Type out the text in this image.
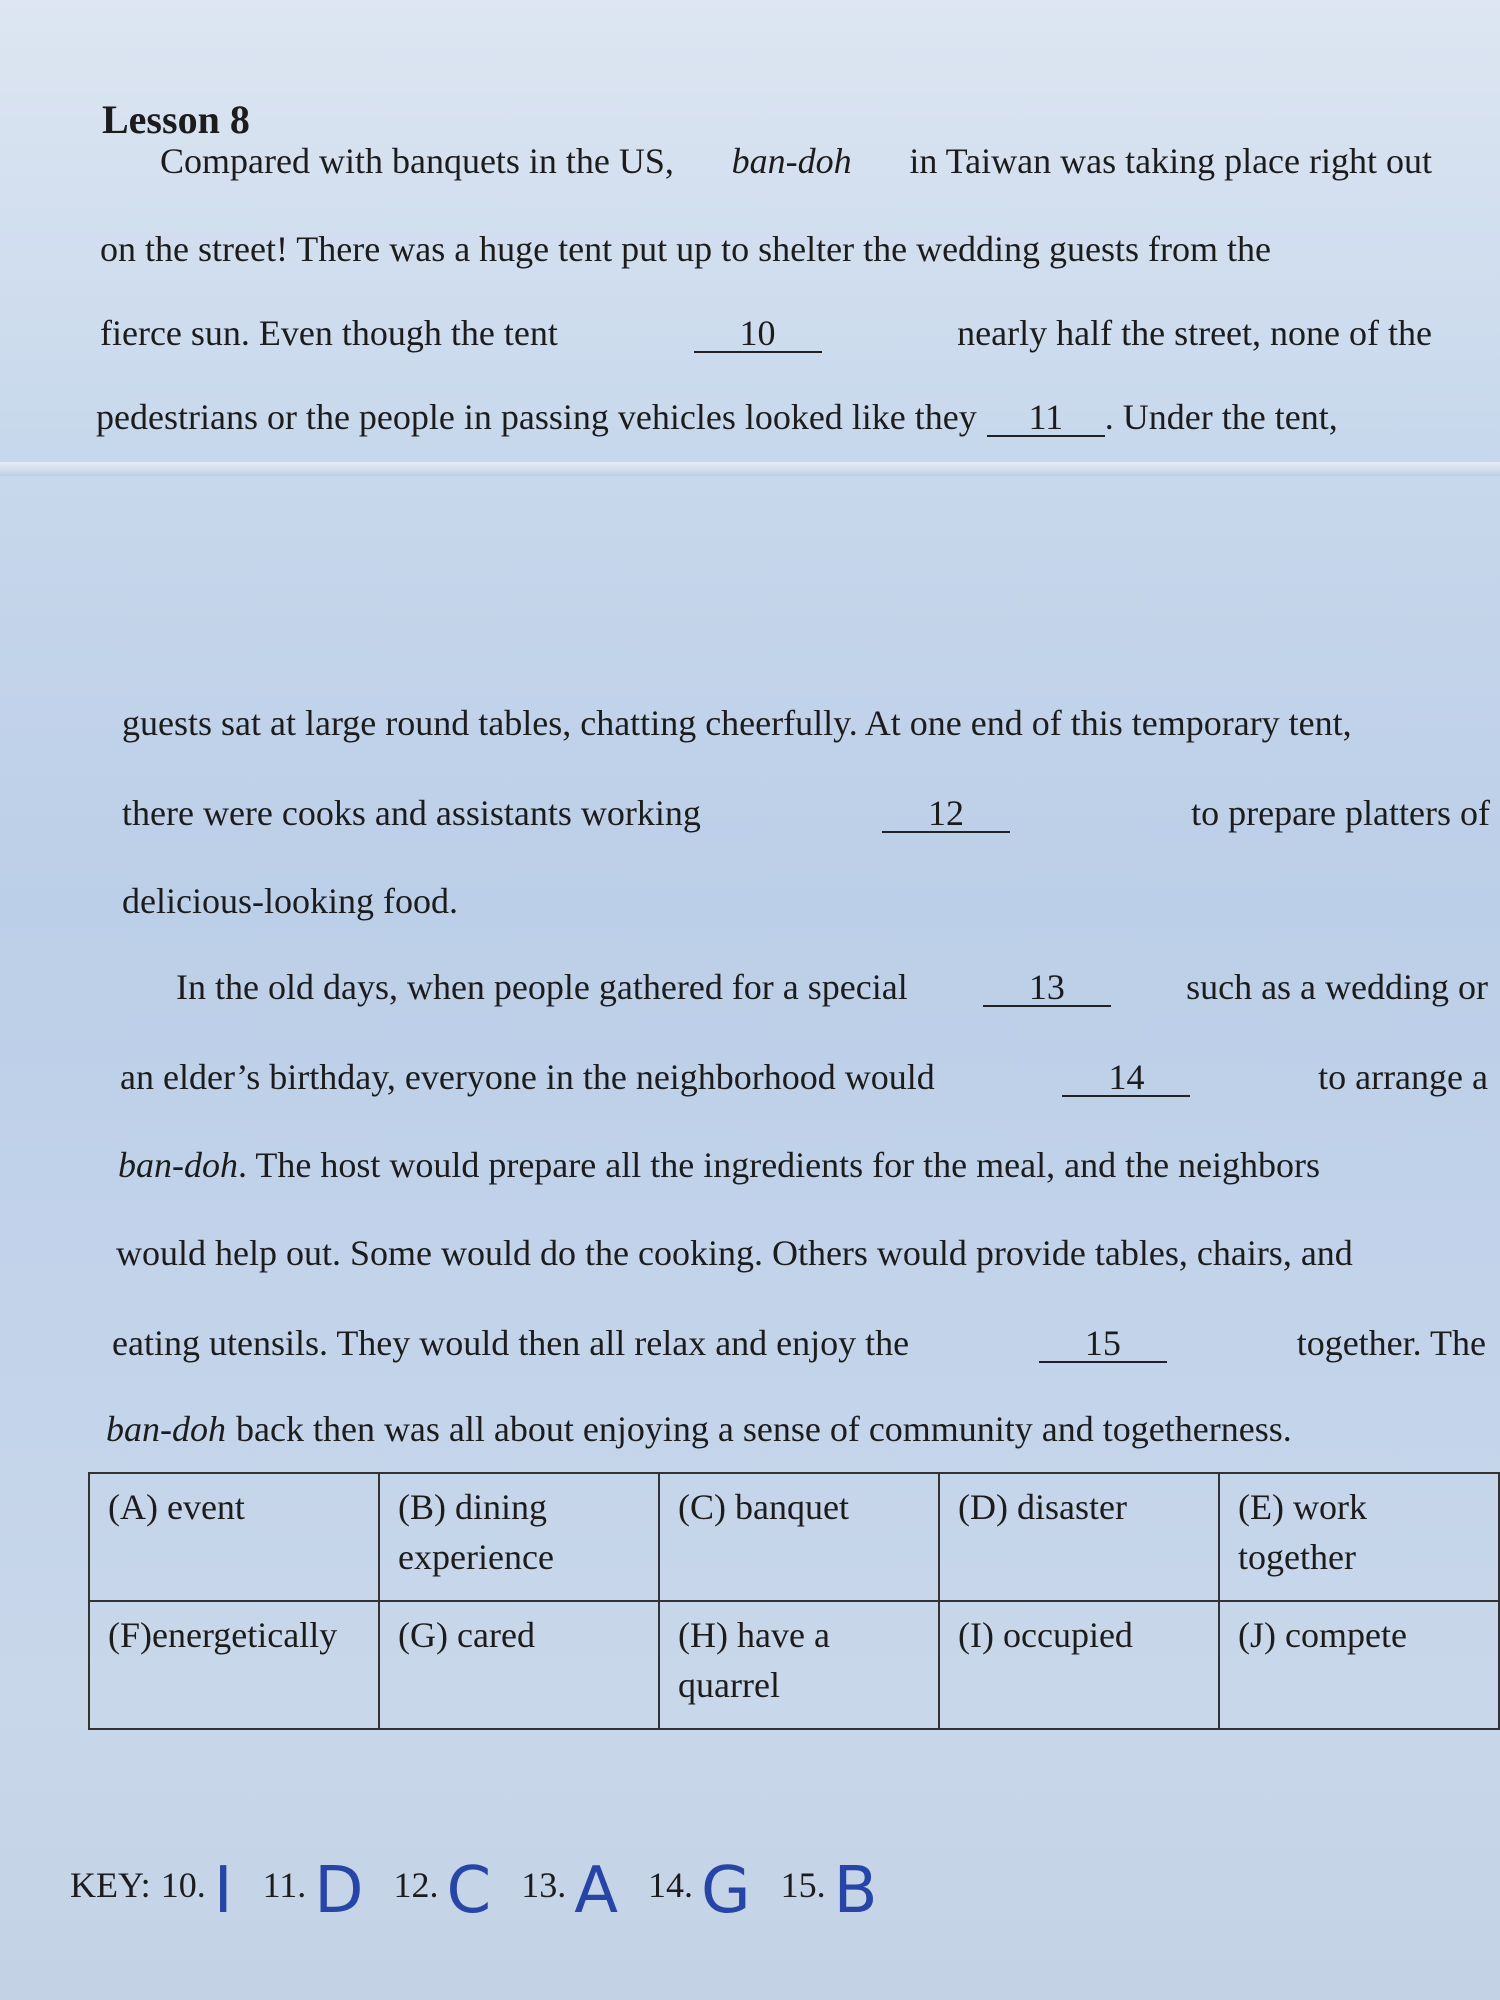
Lesson 8
Compared with banquets in the US, ban-doh in Taiwan was taking place right out
on the street! There was a huge tent put up to shelter the wedding guests from the
fierce sun. Even though the tent	10	nearly half the street, none of the
pedestrians or the people in passing vehicles looked like they	11	. Under the tent,
guests sat at large round tables, chatting cheerfully. At one end of this temporary tent,
there were cooks and assistants working	12	to prepare platters of
delicious-looking food.
In the old days, when people gathered for a special	13	such as a wedding or
an elder’s birthday, everyone in the neighborhood would	14	to arrange a
ban-doh . The host would prepare all the ingredients for the meal, and the neighbors
would help out. Some would do the cooking. Others would provide tables, chairs, and
eating utensils. They would then all relax and enjoy the	15	together. The
ban-doh back then was all about enjoying a sense of community and togetherness.
(A) event	(B) dining experience	(C) banquet	(D) disaster	(E) work together
(F)energetically	(G) cared	(H) have a quarrel	(I) occupied	(J) compete
KEY: 10. I 11. D 12. C 13. A 14. G 15. B
